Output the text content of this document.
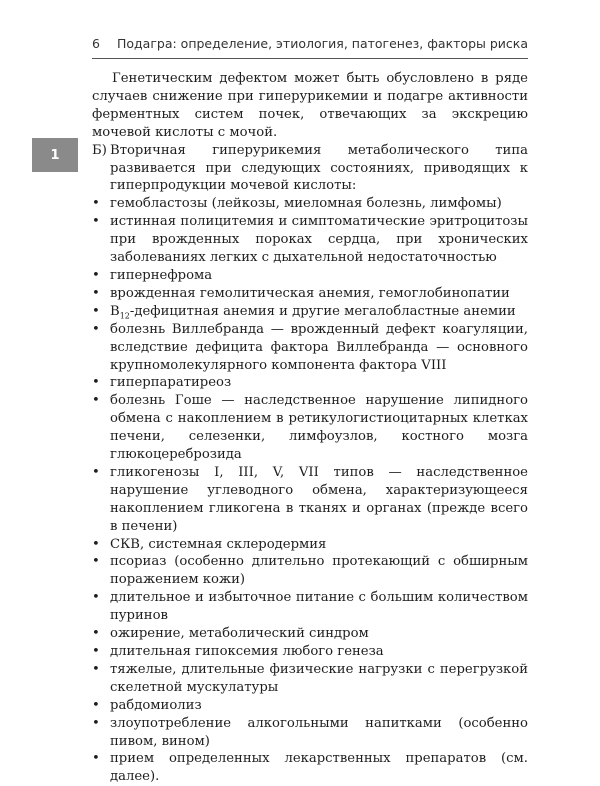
6	Подагра: определение, этиология, патогенез, факторы риска
1

Генетическим дефектом может быть обусловлено в ряде случаев снижение при гиперурикемии и подагре активности ферментных систем почек, отвечающих за экскрецию мочевой кислоты с мочой.

Б) Вторичная гиперурикемия метаболического типа развивается при следующих состояниях, приводящих к гиперпродукции мочевой кислоты:

• гемобластозы (лейкозы, миеломная болезнь, лимфомы)
• истинная полицитемия и симптоматические эритроцитозы при врожденных пороках сердца, при хронических заболеваниях легких с дыхательной недостаточностью
• гипернефрома
• врожденная гемолитическая анемия, гемоглобинопатии
• $B_{12}$-дефицитная анемия и другие мегалобластные анемии
• болезнь Виллебранда — врожденный дефект коагуляции, вследствие дефицита фактора Виллебранда — основного крупномолекулярного компонента фактора VIII
• гиперпаратиреоз
• болезнь Гоше — наследственное нарушение липидного обмена с накоплением в ретикулогистиоцитарных клетках печени, селезенки, лимфоузлов, костного мозга глюкоцереброзида
• гликогенозы I, III, V, VII типов — наследственное нарушение углеводного обмена, характеризующееся накоплением гликогена в тканях и органах (прежде всего в печени)
• СКВ, системная склеродермия
• псориаз (особенно длительно протекающий с обширным поражением кожи)
• длительное и избыточное питание с большим количеством пуринов
• ожирение, метаболический синдром
• длительная гипоксемия любого генеза
• тяжелые, длительные физические нагрузки с перегрузкой скелетной мускулатуры
• рабдомиолиз
• злоупотребление алкогольными напитками (особенно пивом, вином)
• прием определенных лекарственных препаратов (см. далее).
